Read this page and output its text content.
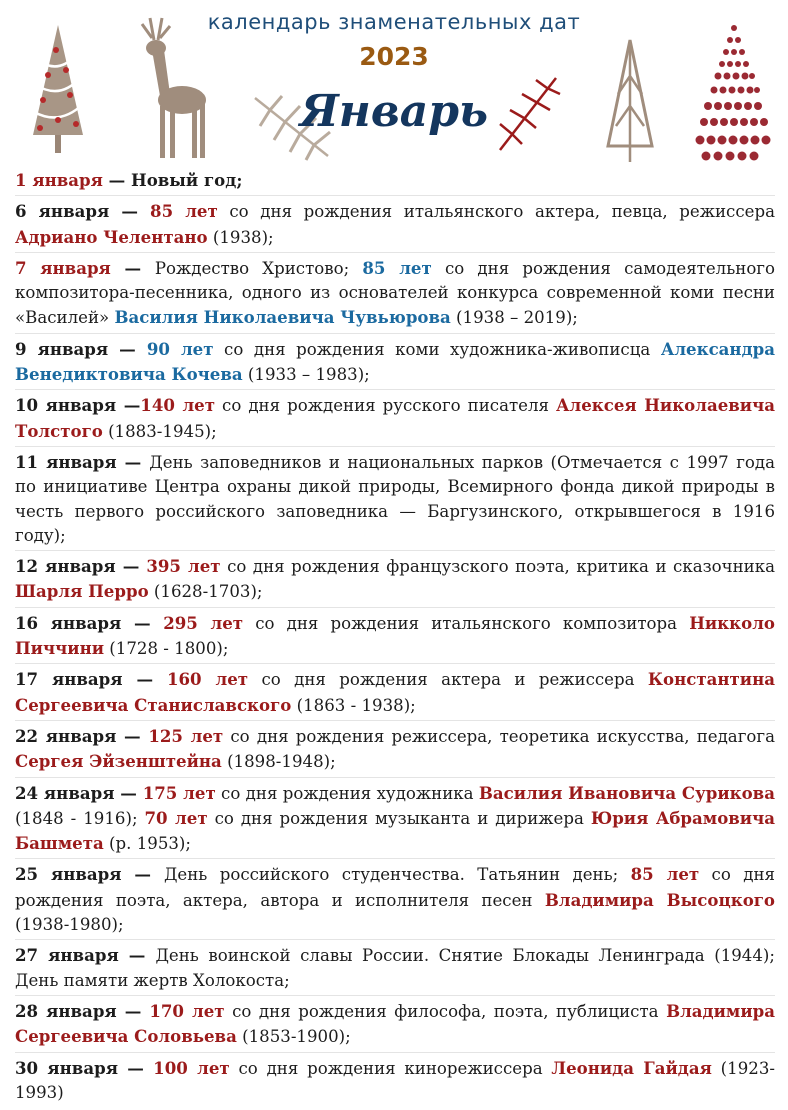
календарь знаменательных дат
2023
Январь
1 января — Новый год;
6 января — 85 лет со дня рождения итальянского актера, певца, режиссера Адриано Челентано (1938);
7 января — Рождество Христово; 85 лет со дня рождения самодеятельного композитора-песенника, одного из основателей конкурса современной коми песни «Василей» Василия Николаевича Чувьюрова (1938 – 2019);
9 января — 90 лет со дня рождения коми художника-живописца Александра Венедиктовича Кочева (1933 – 1983);
10 января —140 лет со дня рождения русского писателя Алексея Николаевича Толстого (1883-1945);
11 января — День заповедников и национальных парков (Отмечается с 1997 года по инициативе Центра охраны дикой природы, Всемирного фонда дикой природы в честь первого российского заповедника — Баргузинского, открывшегося в 1916 году);
12 января — 395 лет со дня рождения французского поэта, критика и сказочника Шарля Перро (1628-1703);
16 января — 295 лет со дня рождения итальянского композитора Никколо Пиччини (1728 - 1800);
17 января — 160 лет со дня рождения актера и режиссера Константина Сергеевича Станиславского (1863 - 1938);
22 января — 125 лет со дня рождения режиссера, теоретика искусства, педагога Сергея Эйзенштейна (1898-1948);
24 января — 175 лет со дня рождения художника Василия Ивановича Сурикова (1848 - 1916); 70 лет со дня рождения музыканта и дирижера Юрия Абрамовича Башмета (р. 1953);
25 января — День российского студенчества. Татьянин день; 85 лет со дня рождения поэта, актера, автора и исполнителя песен Владимира Высоцкого (1938-1980);
27 января — День воинской славы России. Снятие Блокады Ленинграда (1944); День памяти жертв Холокоста;
28 января — 170 лет со дня рождения философа, поэта, публициста Владимира Сергеевича Соловьева (1853-1900);
30 января — 100 лет со дня рождения кинорежиссера Леонида Гайдая (1923-1993)
